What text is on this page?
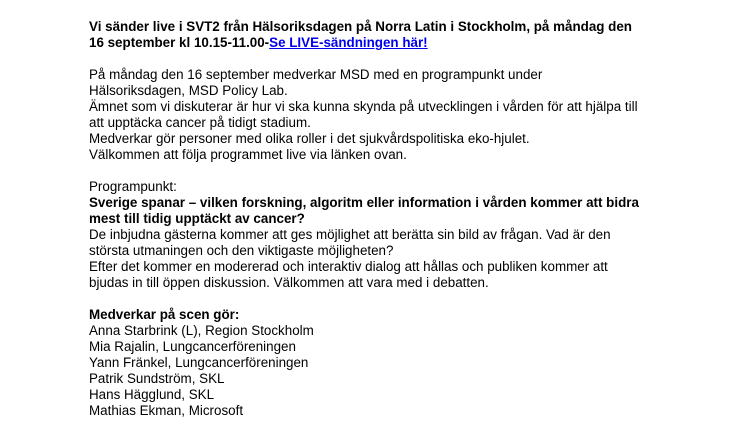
Vi sänder live i SVT2 från Hälsoriksdagen på Norra Latin i Stockholm, på måndag den
16 september kl 10.15-11.00-Se LIVE-sändningen här!
På måndag den 16 september medverkar MSD med en programpunkt under
Hälsoriksdagen, MSD Policy Lab.
Ämnet som vi diskuterar är hur vi ska kunna skynda på utvecklingen i vården för att hjälpa till
att upptäcka cancer på tidigt stadium.
Medverkar gör personer med olika roller i det sjukvårdspolitiska eko-hjulet.
Välkommen att följa programmet live via länken ovan.
Programpunkt:
Sverige spanar – vilken forskning, algoritm eller information i vården kommer att bidra
mest till tidig upptäckt av cancer?
De inbjudna gästerna kommer att ges möjlighet att berätta sin bild av frågan. Vad är den
största utmaningen och den viktigaste möjligheten?
Efter det kommer en modererad och interaktiv dialog att hållas och publiken kommer att
bjudas in till öppen diskussion. Välkommen att vara med i debatten.
Medverkar på scen gör:
Anna Starbrink (L), Region Stockholm
Mia Rajalin, Lungcancerföreningen
Yann Fränkel, Lungcancerföreningen
Patrik Sundström, SKL
Hans Hägglund, SKL
Mathias Ekman, Microsoft
